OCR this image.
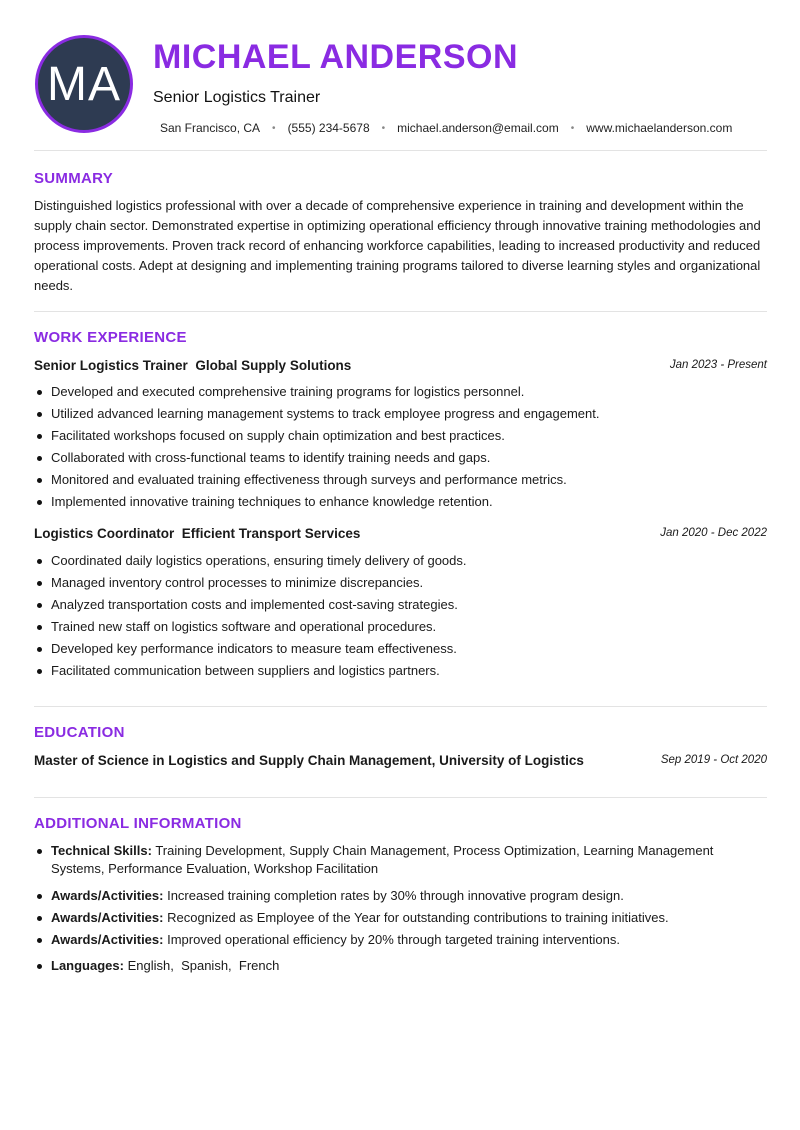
MA
MICHAEL ANDERSON
Senior Logistics Trainer
San Francisco, CA • (555) 234-5678 • michael.anderson@email.com • www.michaelanderson.com
SUMMARY

Distinguished logistics professional with over a decade of comprehensive experience in training and development within the supply chain sector. Demonstrated expertise in optimizing operational efficiency through innovative training methodologies and process improvements. Proven track record of enhancing workforce capabilities, leading to increased productivity and reduced operational costs. Adept at designing and implementing training programs tailored to diverse learning styles and organizational needs.

WORK EXPERIENCE
Senior Logistics Trainer Global Supply Solutions	Jan 2023 - Present
Developed and executed comprehensive training programs for logistics personnel.
Utilized advanced learning management systems to track employee progress and engagement.
Facilitated workshops focused on supply chain optimization and best practices.
Collaborated with cross-functional teams to identify training needs and gaps.
Monitored and evaluated training effectiveness through surveys and performance metrics.
Implemented innovative training techniques to enhance knowledge retention.
Logistics Coordinator Efficient Transport Services	Jan 2020 - Dec 2022
Coordinated daily logistics operations, ensuring timely delivery of goods.
Managed inventory control processes to minimize discrepancies.
Analyzed transportation costs and implemented cost-saving strategies.
Trained new staff on logistics software and operational procedures.
Developed key performance indicators to measure team effectiveness.
Facilitated communication between suppliers and logistics partners.
EDUCATION
Master of Science in Logistics and Supply Chain Management, University of Logistics	Sep 2019 - Oct 2020
ADDITIONAL INFORMATION
Technical Skills: Training Development, Supply Chain Management, Process Optimization, Learning Management Systems, Performance Evaluation, Workshop Facilitation
Awards/Activities: Increased training completion rates by 30% through innovative program design.
Awards/Activities: Recognized as Employee of the Year for outstanding contributions to training initiatives.
Awards/Activities: Improved operational efficiency by 20% through targeted training interventions.
Languages: English,  Spanish,  French
